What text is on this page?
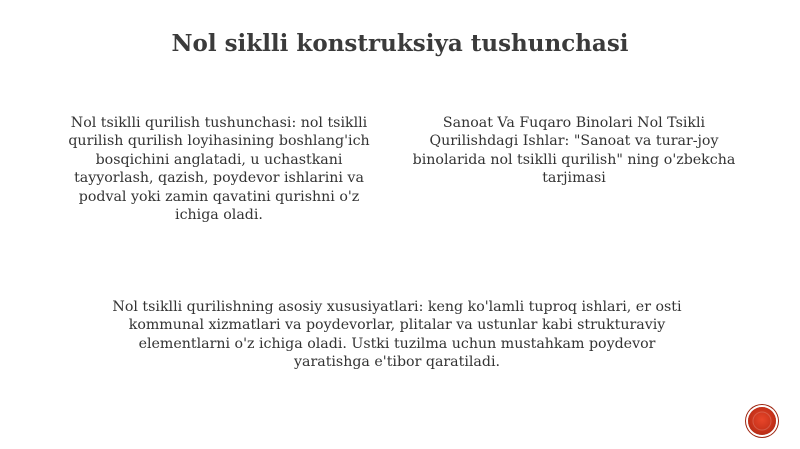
Nol siklli konstruksiya tushunchasi

Nol tsiklli qurilish tushunchasi: nol tsiklli qurilish qurilish loyihasining boshlang'ich bosqichini anglatadi, u uchastkani tayyorlash, qazish, poydevor ishlarini va podval yoki zamin qavatini qurishni o'z ichiga oladi.

Sanoat Va Fuqaro Binolari Nol Tsikli Qurilishdagi Ishlar: "Sanoat va turar-joy binolarida nol tsiklli qurilish" ning o'zbekcha tarjimasi

Nol tsiklli qurilishning asosiy xususiyatlari: keng ko'lamli tuproq ishlari, er osti kommunal xizmatlari va poydevorlar, plitalar va ustunlar kabi strukturaviy elementlarni o'z ichiga oladi. Ustki tuzilma uchun mustahkam poydevor yaratishga e'tibor qaratiladi.
